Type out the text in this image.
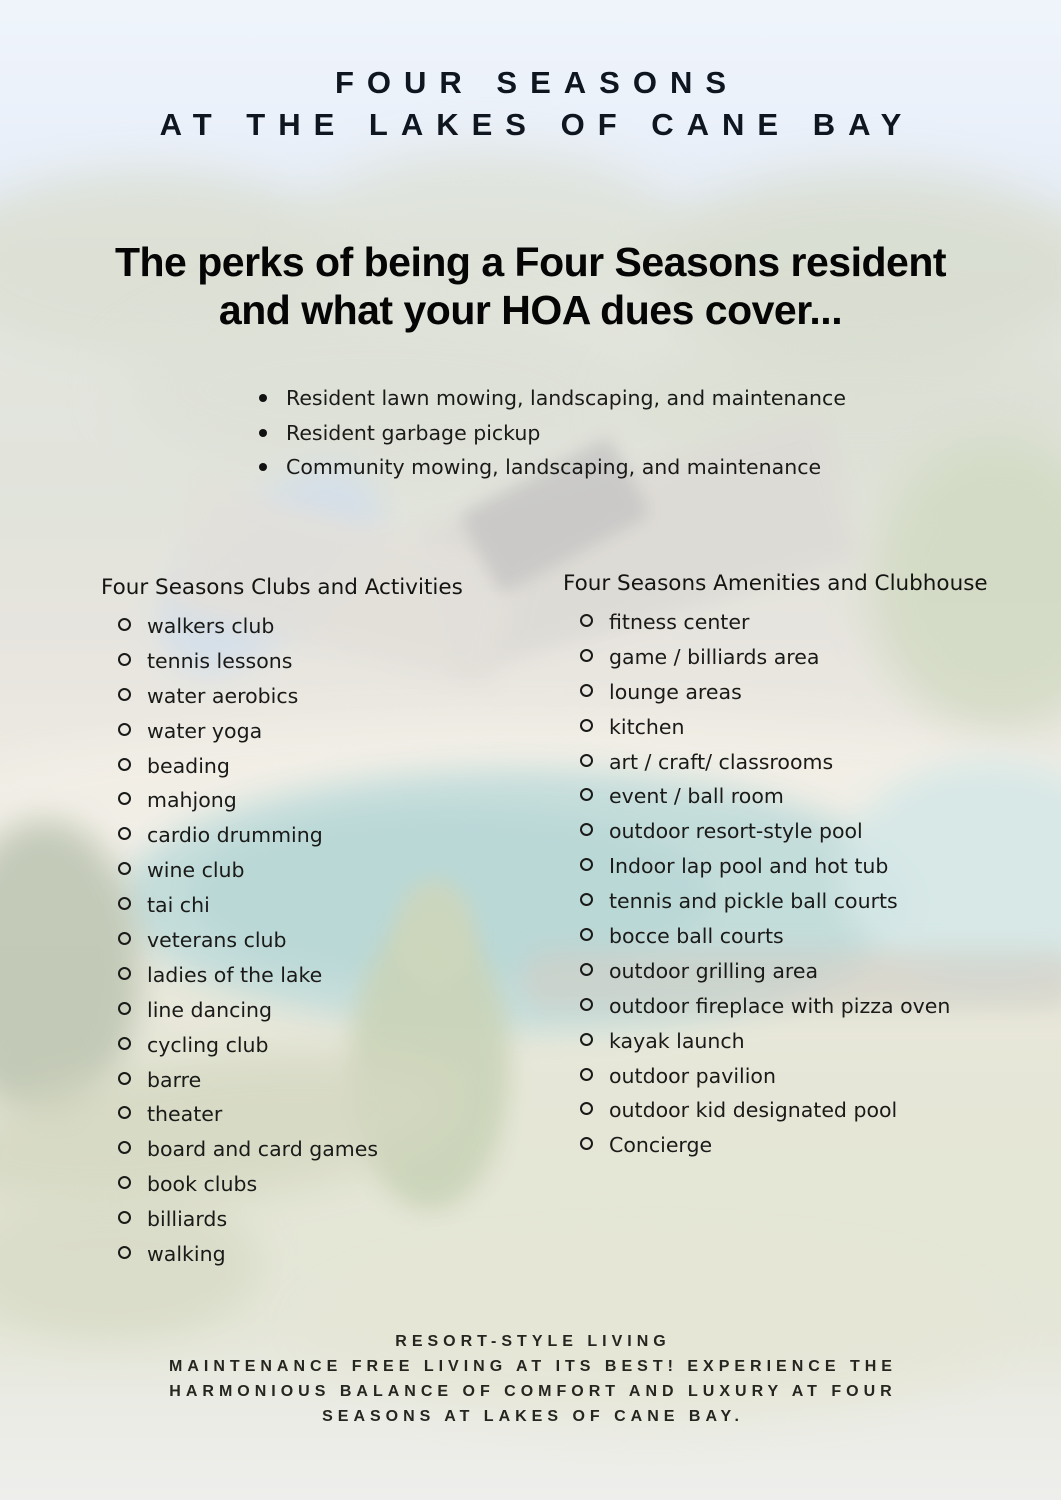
FOUR SEASONS
AT THE LAKES OF CANE BAY
The perks of being a Four Seasons resident
and what your HOA dues cover...
Resident lawn mowing, landscaping, and maintenance
Resident garbage pickup
Community mowing, landscaping, and maintenance
Four Seasons Clubs and Activities
walkers club
tennis lessons
water aerobics
water yoga
beading
mahjong
cardio drumming
wine club
tai chi
veterans club
ladies of the lake
line dancing
cycling club
barre
theater
board and card games
book clubs
billiards
walking
Four Seasons Amenities and Clubhouse
fitness center
game / billiards area
lounge areas
kitchen
art / craft/ classrooms
event / ball room
outdoor resort-style pool
Indoor lap pool and hot tub
tennis and pickle ball courts
bocce ball courts
outdoor grilling area
outdoor fireplace with pizza oven
kayak launch
outdoor pavilion
outdoor kid designated pool
Concierge
RESORT-STYLE LIVING
MAINTENANCE FREE LIVING AT ITS BEST! EXPERIENCE THE
HARMONIOUS BALANCE OF COMFORT AND LUXURY AT FOUR
SEASONS AT LAKES OF CANE BAY.
